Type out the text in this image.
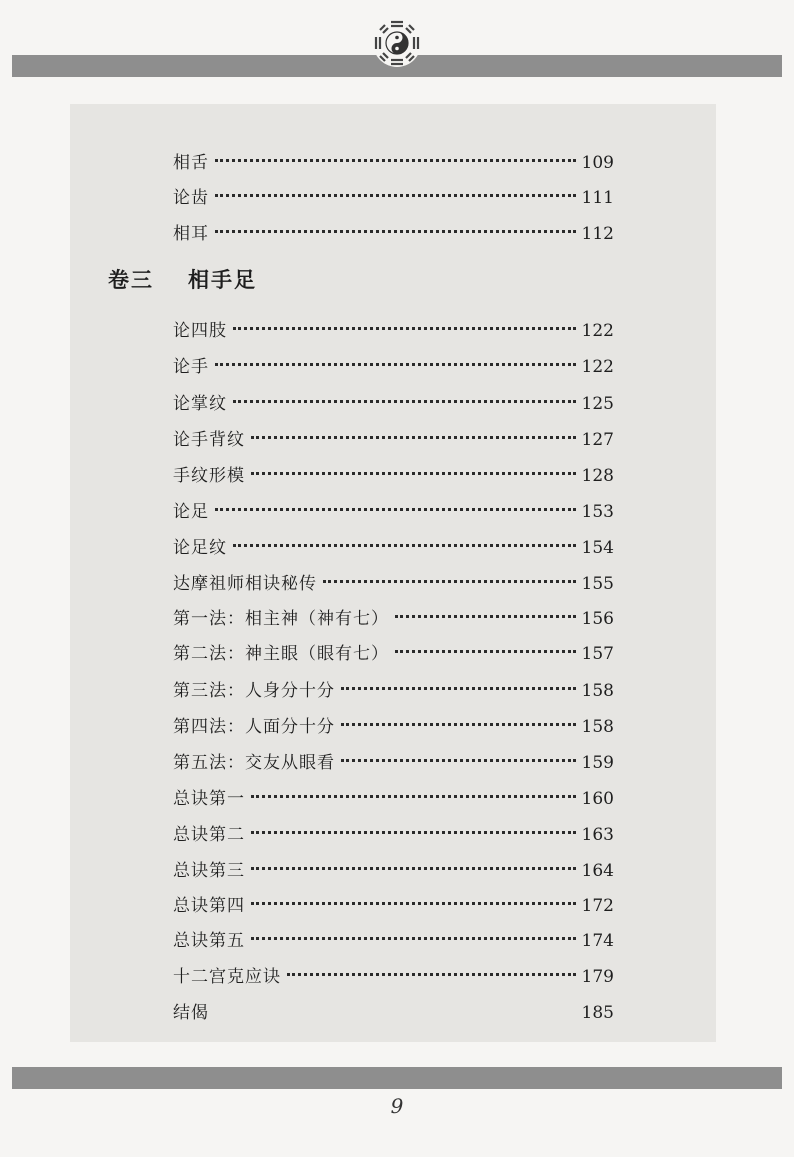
相舌	109
论齿	111
相耳	112
卷三 相手足
论四肢	122
论手	122
论掌纹	125
论手背纹	127
手纹形模	128
论足	153
论足纹	154
达摩祖师相诀秘传	155
第一法：相主神（神有七）	156
第二法：神主眼（眼有七）	157
第三法：人身分十分	158
第四法：人面分十分	158
第五法：交友从眼看	159
总诀第一	160
总诀第二	163
总诀第三	164
总诀第四	172
总诀第五	174
十二宫克应诀	179
结偈	185
9
